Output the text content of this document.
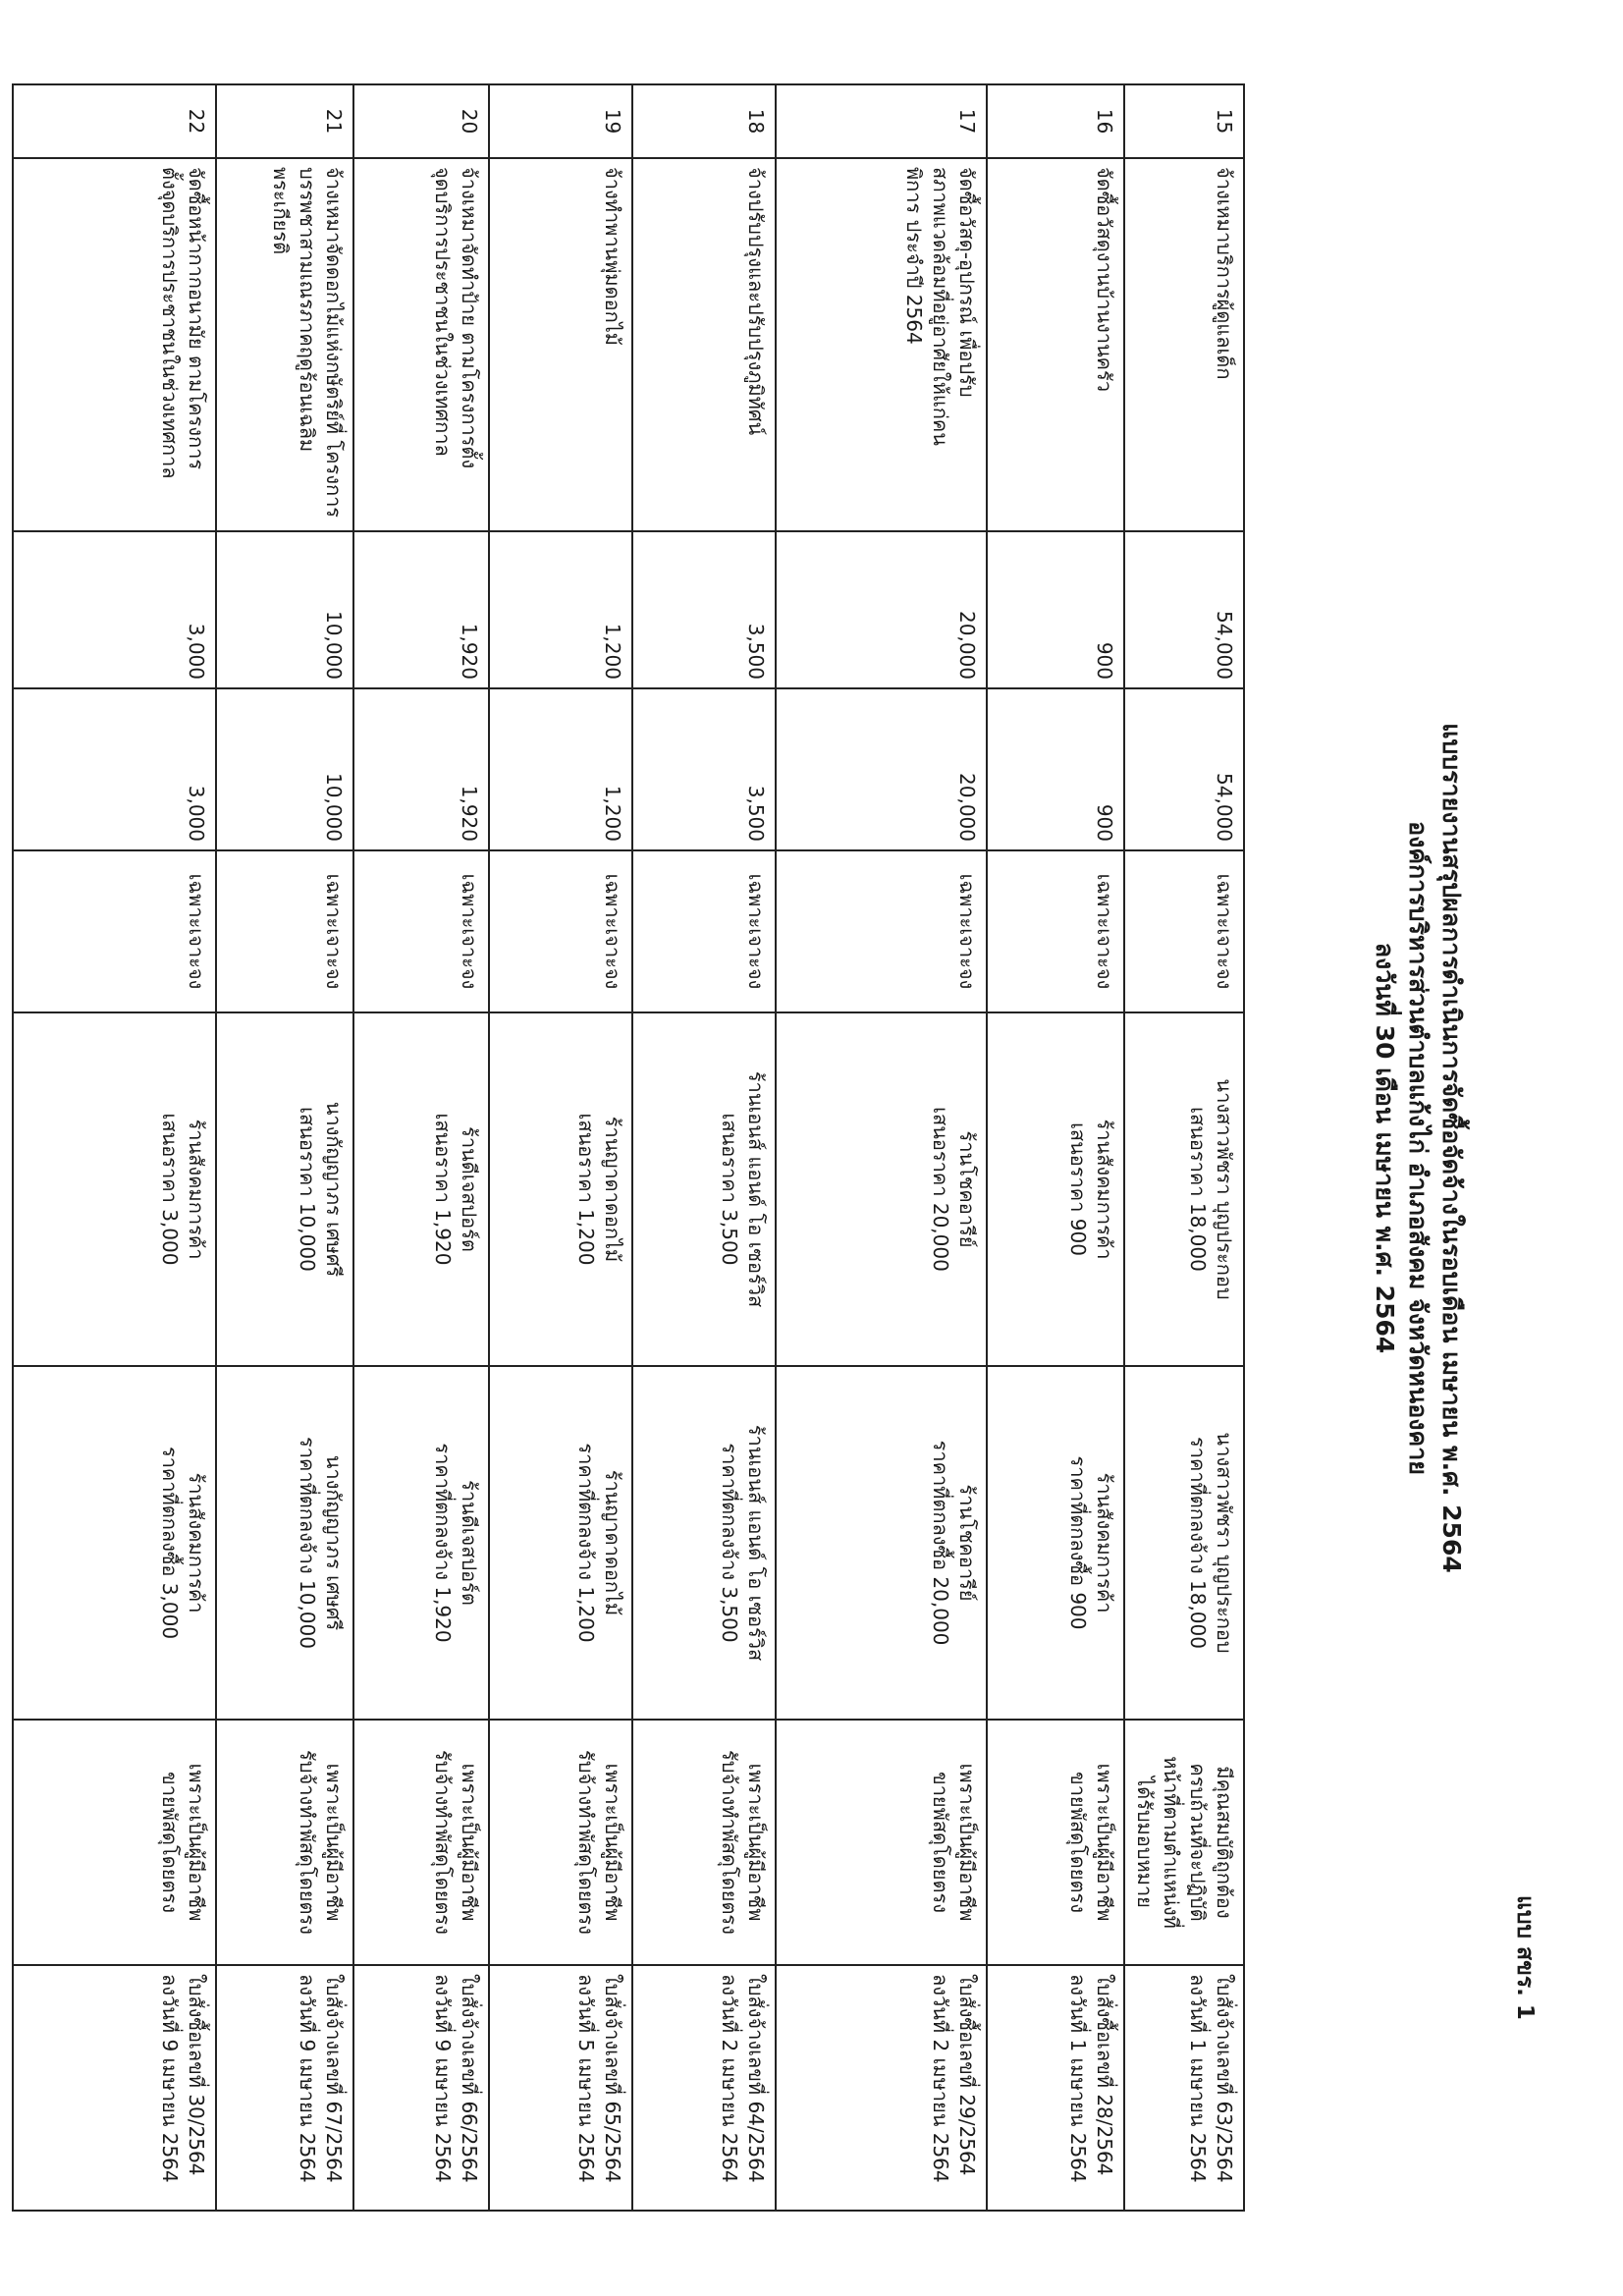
แบบ สขร. 1
แบบรายงานสรุปผลการดำเนินการจัดซื้อจัดจ้างในรอบเดือน เมษายน พ.ศ. 2564
องค์การบริหารส่วนตำบลแก้งไก่ อำเภอสังคม จังหวัดหนองคาย
ลงวันที่ 30 เดือน เมษายน พ.ศ. 2564
15	จ้างเหมาบริการผู้ดูแลเด็ก	54,000	54,000	เฉพาะเจาะจง	นางสาวพัชรา บุญประกอบ
เสนอราคา 18,000	นางสาวพัชรา บุญประกอบ
ราคาที่ตกลงจ้าง 18,000	มีคุณสมบัติถูกต้อง
ครบถ้วนที่จะปฏิบัติ
หน้าที่ตามตำแหน่งที่
ได้รับมอบหมาย	ใบสั่งจ้างเลขที่ 63/2564
ลงวันที่ 1 เมษายน 2564

16	จัดซื้อวัสดุงานบ้านงานครัว	900	900	เฉพาะเจาะจง	ร้านสังคมการค้า
เสนอราคา 900	ร้านสังคมการค้า
ราคาที่ตกลงซื้อ 900	เพราะเป็นผู้มีอาชีพ
ขายพัสดุโดยตรง	ใบสั่งซื้อเลขที่ 28/2564
ลงวันที่ 1 เมษายน 2564

17	จัดซื้อวัสดุ-อุปกรณ์ เพื่อปรับ
สภาพแวดล้อมที่อยู่อาศัยให้แก่คน
พิการ ประจำปี 2564	20,000	20,000	เฉพาะเจาะจง	ร้านโชคอารีย์
เสนอราคา 20,000	ร้านโชคอารีย์
ราคาที่ตกลงซื้อ 20,000	เพราะเป็นผู้มีอาชีพ
ขายพัสดุโดยตรง	ใบสั่งซื้อเลขที่ 29/2564
ลงวันที่ 2 เมษายน 2564

18	จ้างปรับปรุงและปรับปรุงภูมิทัศน์	3,500	3,500	เฉพาะเจาะจง	ร้านเอนส์ แอนด์ โอ เซอร์วิส
เสนอราคา 3,500	ร้านเอนส์ แอนด์ โอ เซอร์วิส
ราคาที่ตกลงจ้าง 3,500	เพราะเป็นผู้มีอาชีพ
รับจ้างทำพัสดุโดยตรง	ใบสั่งจ้างเลขที่ 64/2564
ลงวันที่ 2 เมษายน 2564

19	จ้างทำพานพุ่มดอกไม้	1,200	1,200	เฉพาะเจาะจง	ร้านญาดาดอกไม้
เสนอราคา 1,200	ร้านญาดาดอกไม้
ราคาที่ตกลงจ้าง 1,200	เพราะเป็นผู้มีอาชีพ
รับจ้างทำพัสดุโดยตรง	ใบสั่งจ้างเลขที่ 65/2564
ลงวันที่ 5 เมษายน 2564

20	จ้างเหมาจัดทำป้าย ตามโครงการตั้ง
จุดบริการประชาชนในช่วงเทศกาล	1,920	1,920	เฉพาะเจาะจง	ร้านดีเจสปอร์ต
เสนอราคา 1,920	ร้านดีเจสปอร์ต
ราคาที่ตกลงจ้าง 1,920	เพราะเป็นผู้มีอาชีพ
รับจ้างทำพัสดุโดยตรง	ใบสั่งจ้างเลขที่ 66/2564
ลงวันที่ 9 เมษายน 2564

21	จ้างเหมาจัดดอกไม้แห่งกษัตริย์ที่ โครงการ
บรรพชาสามเณรภาคฤดูร้อนเฉลิม
พระเกียรติ	10,000	10,000	เฉพาะเจาะจง	นางกัญญาภร เศษศรี
เสนอราคา 10,000	นางกัญญาภร เศษศรี
ราคาที่ตกลงจ้าง 10,000	เพราะเป็นผู้มีอาชีพ
รับจ้างทำพัสดุโดยตรง	ใบสั่งจ้างเลขที่ 67/2564
ลงวันที่ 9 เมษายน 2564

22	จัดซื้อหน้ากากอนามัย ตามโครงการ
ตั้งจุดบริการประชาชนในช่วงเทศกาล	3,000	3,000	เฉพาะเจาะจง	ร้านสังคมการค้า
เสนอราคา 3,000	ร้านสังคมการค้า
ราคาที่ตกลงซื้อ 3,000	เพราะเป็นผู้มีอาชีพ
ขายพัสดุโดยตรง	ใบสั่งซื้อเลขที่ 30/2564
ลงวันที่ 9 เมษายน 2564
